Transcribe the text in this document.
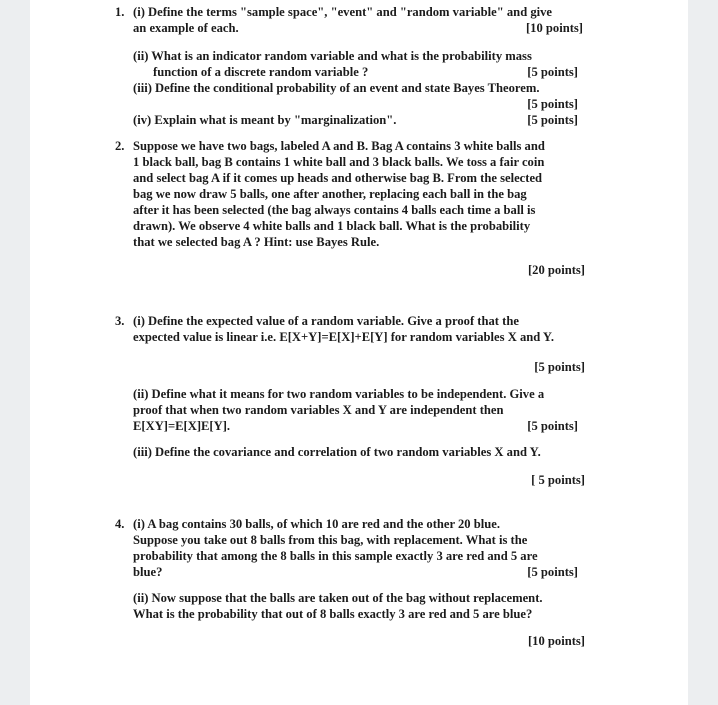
1. (i) Define the terms "sample space", "event" and "random variable" and give
an example of each.	[10 points]
(ii) What is an indicator random variable and what is the probability mass
function of a discrete random variable ?	[5 points]
(iii) Define the conditional probability of an event and state Bayes Theorem.
[5 points]
(iv) Explain what is meant by "marginalization".	[5 points]
2. Suppose we have two bags, labeled A and B. Bag A contains 3 white balls and
1 black ball, bag B contains 1 white ball and 3 black balls. We toss a fair coin
and select bag A if it comes up heads and otherwise bag B. From the selected
bag we now draw 5 balls, one after another, replacing each ball in the bag
after it has been selected (the bag always contains 4 balls each time a ball is
drawn). We observe 4 white balls and 1 black ball. What is the probability
that we selected bag A ? Hint: use Bayes Rule.
[20 points]
3. (i) Define the expected value of a random variable. Give a proof that the
expected value is linear i.e. E[X+Y]=E[X]+E[Y] for random variables X and Y.
[5 points]
(ii) Define what it means for two random variables to be independent. Give a
proof that when two random variables X and Y are independent then
E[XY]=E[X]E[Y].	[5 points]
(iii) Define the covariance and correlation of two random variables X and Y.
[ 5 points]
4. (i) A bag contains 30 balls, of which 10 are red and the other 20 blue.
Suppose you take out 8 balls from this bag, with replacement. What is the
probability that among the 8 balls in this sample exactly 3 are red and 5 are
blue?	[5 points]
(ii) Now suppose that the balls are taken out of the bag without replacement.
What is the probability that out of 8 balls exactly 3 are red and 5 are blue?
[10 points]
